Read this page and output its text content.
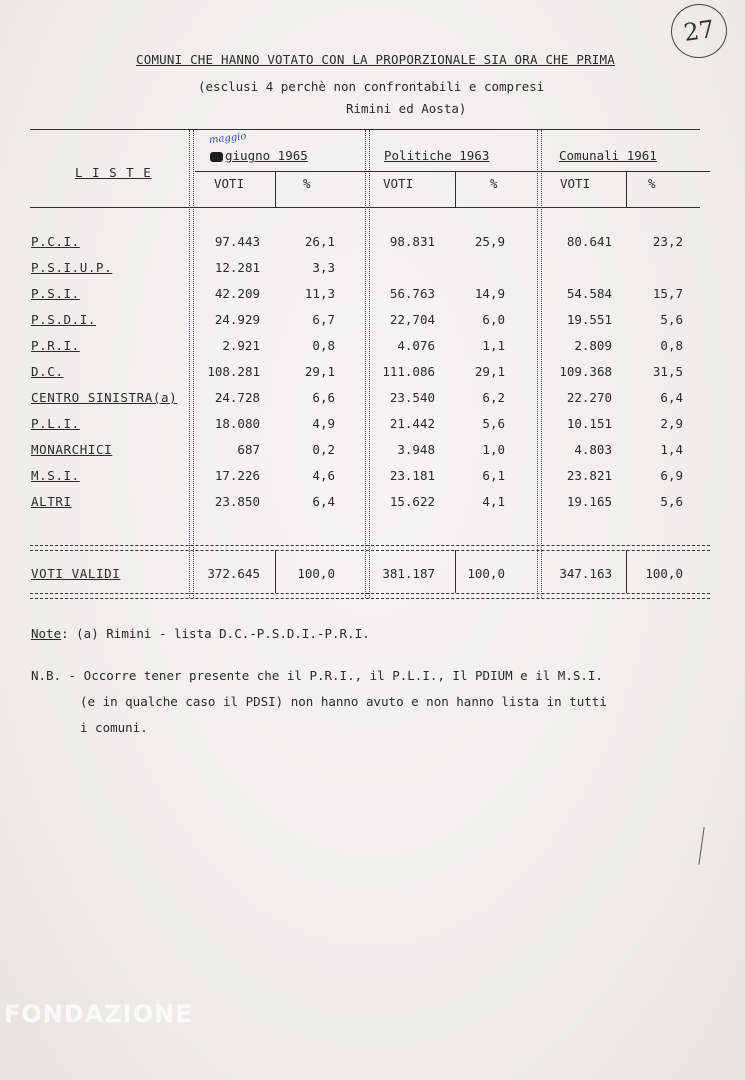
27
COMUNI CHE HANNO VOTATO CON LA PROPORZIONALE SIA ORA CHE PRIMA
(esclusi 4 perchè non confrontabili e compresi
Rimini ed Aosta)
L I S T E
maggio
giugno 1965	Politiche 1963	Comunali 1961
VOTI	%	VOTI	%	VOTI	%
P.C.I.	97.443	26,1	98.831	25,9	80.641	23,2
P.S.I.U.P.	12.281	3,3
P.S.I.	42.209	11,3	56.763	14,9	54.584	15,7
P.S.D.I.	24.929	6,7	22,704	6,0	19.551	5,6
P.R.I.	2.921	0,8	4.076	1,1	2.809	0,8
D.C.	108.281	29,1	111.086	29,1	109.368	31,5
CENTRO SINISTRA(a)	24.728	6,6	23.540	6,2	22.270	6,4
P.L.I.	18.080	4,9	21.442	5,6	10.151	2,9
MONARCHICI	687	0,2	3.948	1,0	4.803	1,4
M.S.I.	17.226	4,6	23.181	6,1	23.821	6,9
ALTRI	23.850	6,4	15.622	4,1	19.165	5,6
VOTI VALIDI	372.645	100,0	381.187	100,0	347.163	100,0
Note: (a) Rimini - lista D.C.-P.S.D.I.-P.R.I.
N.B. - Occorre tener presente che il P.R.I., il P.L.I., Il PDIUM e il M.S.I.
(e in qualche caso il PDSI) non hanno avuto e non hanno lista in tutti
i comuni.
FONDAZIONE
